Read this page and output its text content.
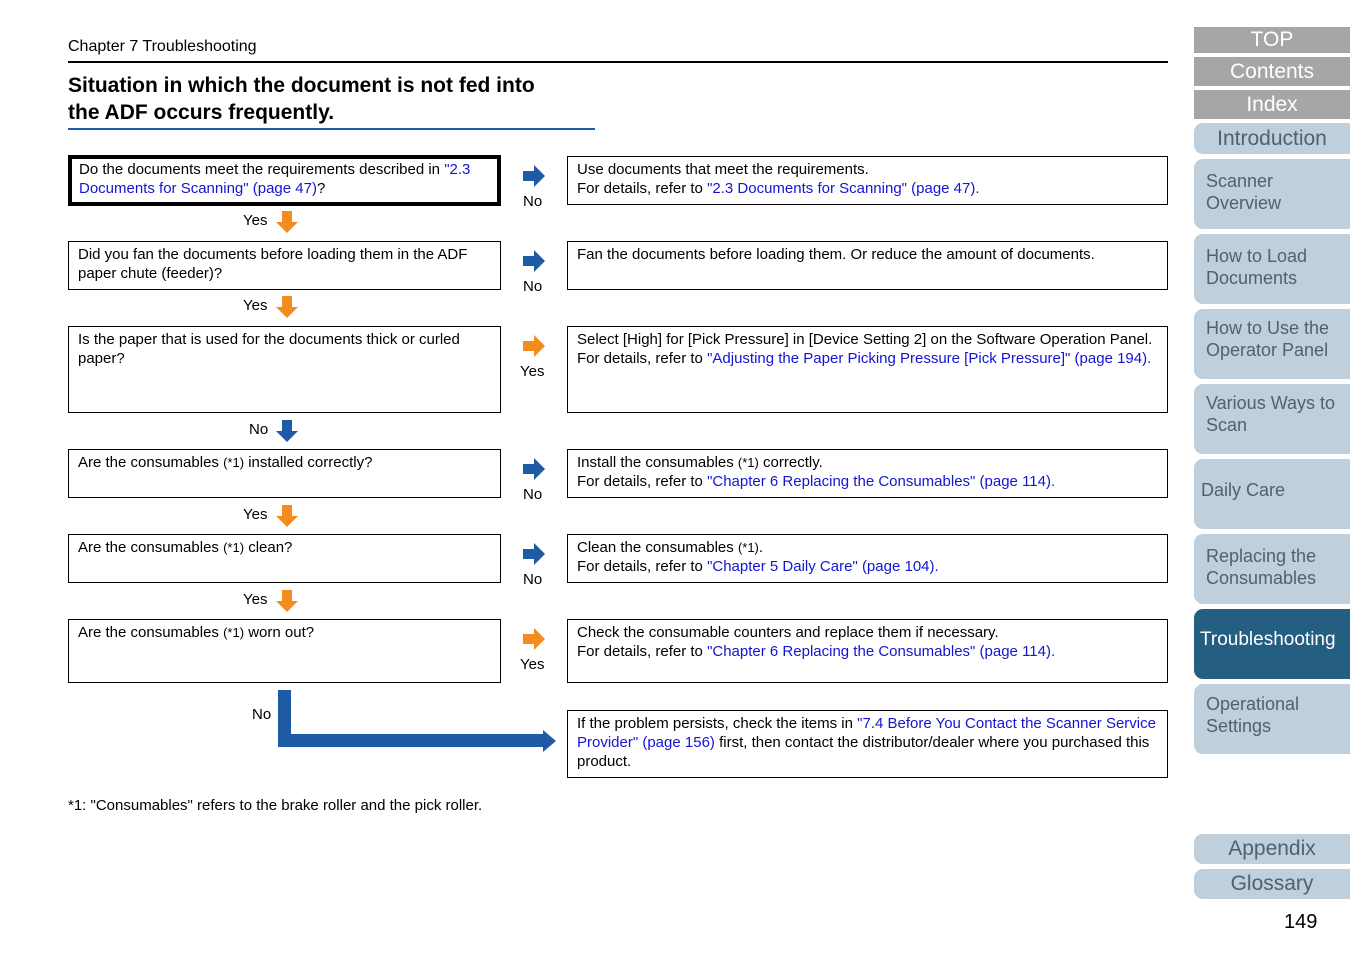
Chapter 7 Troubleshooting
Situation in which the document is not fed into
the ADF occurs frequently.
Do the documents meet the requirements described in "2.3 Documents for Scanning" (page 47)?
No
Use documents that meet the requirements.
For details, refer to "2.3 Documents for Scanning" (page 47).
Yes
Did you fan the documents before loading them in the ADF paper chute (feeder)?
No
Fan the documents before loading them. Or reduce the amount of documents.
Yes
Is the paper that is used for the documents thick or curled paper?
Yes
Select [High] for [Pick Pressure] in [Device Setting 2] on the Software Operation Panel.
For details, refer to "Adjusting the Paper Picking Pressure [Pick Pressure]" (page 194).
No
Are the consumables (*1) installed correctly?
No
Install the consumables (*1) correctly.
For details, refer to "Chapter 6 Replacing the Consumables" (page 114).
Yes
Are the consumables (*1) clean?
No
Clean the consumables (*1).
For details, refer to "Chapter 5 Daily Care" (page 104).
Yes
Are the consumables (*1) worn out?
Yes
Check the consumable counters and replace them if necessary.
For details, refer to "Chapter 6 Replacing the Consumables" (page 114).
No
If the problem persists, check the items in "7.4 Before You Contact the Scanner Service Provider" (page 156) first, then contact the distributor/dealer where you purchased this product.
*1: "Consumables" refers to the brake roller and the pick roller.
TOP
Contents
Index
Introduction
Scanner Overview
How to Load Documents
How to Use the Operator Panel
Various Ways to Scan
Daily Care
Replacing the Consumables
Troubleshooting
Operational Settings
Appendix
Glossary
149
